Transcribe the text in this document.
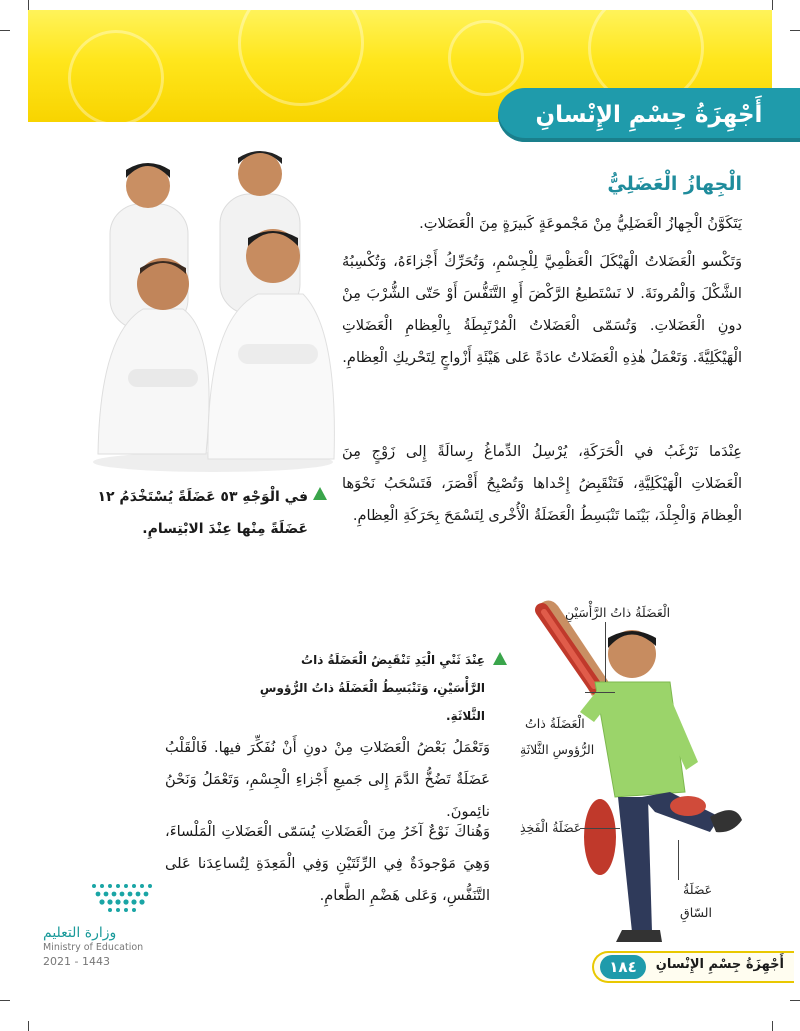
أَجْهِزَةُ جِسْمِ الإِنْسانِ
الْجِهازُ الْعَضَلِيُّ
يَتَكَوَّنُ الْجِهازُ الْعَضَلِيُّ مِنْ مَجْموعَةٍ كَبيرَةٍ مِنَ الْعَضَلاتِ.
وَتَكْسو الْعَضَلاتُ الْهَيْكَلَ الْعَظْمِيَّ لِلْجِسْمِ، وَتُحَرِّكُ أَجْزاءَهُ، وَتُكْسِبُهُ الشَّكْلَ وَالْمُرونَةَ. لا نَسْتَطيعُ الرَّكْضَ أَوِ التَّنَفُّسَ أَوْ حَتّى الشُّرْبَ مِنْ دونِ الْعَضَلاتِ. وَتُسَمّى الْعَضَلاتُ الْمُرْتَبِطَةُ بِالْعِظامِ الْعَضَلاتِ الْهَيْكَلِيَّةَ. وَتَعْمَلُ هٰذِهِ الْعَضَلاتُ عادَةً عَلى هَيْئَةِ أَزْواجٍ لِتَحْريكِ الْعِظامِ.
عِنْدَما نَرْغَبُ في الْحَرَكَةِ، يُرْسِلُ الدِّماغُ رِسالَةً إِلى زَوْجٍ مِنَ الْعَضَلاتِ الْهَيْكَلِيَّةِ، فَتَنْقَبِضُ إِحْداها وَتُصْبِحُ أَقْصَرَ، فَتَسْحَبُ نَحْوَها الْعِظامَ وَالْجِلْدَ، بَيْنَما تَنْبَسِطُ الْعَضَلَةُ الْأُخْرى لِتَسْمَحَ بِحَرَكَةِ الْعِظامِ.
في الْوَجْهِ ٥٣ عَضَلَةً يُسْتَخْدَمُ ١٢ عَضَلَةً مِنْها عِنْدَ الابْتِسامِ.
عِنْدَ ثَنْيِ الْيَدِ تَنْقَبِضُ الْعَضَلَةُ ذاتُ الرَّأْسَيْنِ، وَتَنْبَسِطُ الْعَضَلَةُ ذاتُ الرُّؤوسِ الثَّلاثَةِ.
وَتَعْمَلُ بَعْضُ الْعَضَلاتِ مِنْ دونِ أَنْ نُفَكِّرَ فيها. فَالْقَلْبُ عَضَلَةٌ تَضُخُّ الدَّمَ إِلى جَميعِ أَجْزاءِ الْجِسْمِ، وَتَعْمَلُ وَنَحْنُ نائِمونَ.
وَهُناكَ نَوْعٌ آخَرُ مِنَ الْعَضَلاتِ يُسَمّى الْعَضَلاتِ الْمَلْساءَ، وَهِيَ مَوْجودَةٌ فِي الرِّئَتَيْنِ وَفِي الْمَعِدَةِ لِتُساعِدَنا عَلى التَّنَفُّسِ، وَعَلى هَضْمِ الطَّعامِ.
الْعَضَلَةُ ذاتُ الرَّأْسَيْنِ
الْعَضَلَةُ ذاتُ
الرُّؤوسِ الثَّلاثَةِ
عَضَلَةُ الْفَخِذِ
عَضَلَةُ
السّاقِ
وزارة التعليم
Ministry of Education
2021 - 1443	١٨٤	أَجْهِزَةُ جِسْمِ الإِنْسانِ
